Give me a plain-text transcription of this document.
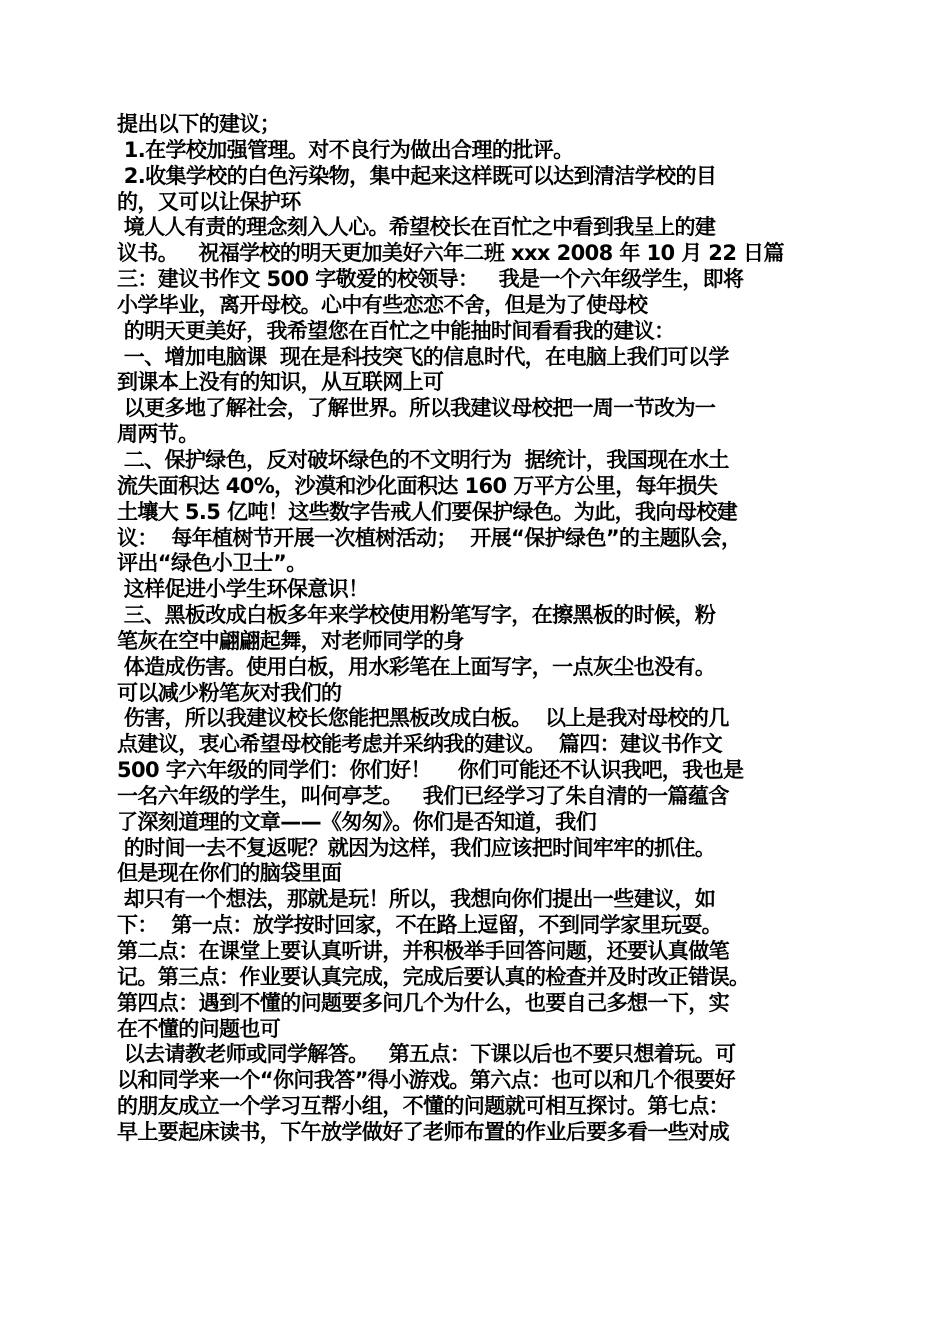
提出以下的建议；
1.在学校加强管理。对不良行为做出合理的批评。
2.收集学校的白色污染物，集中起来这样既可以达到清洁学校的目
的，又可以让保护环
境人人有责的理念刻入人心。希望校长在百忙之中看到我呈上的建
议书。   祝福学校的明天更加美好六年二班 xxx 2008 年 10 月 22 日篇
三：建议书作文 500 字敬爱的校领导：   我是一个六年级学生，即将
小学毕业，离开母校。心中有些恋恋不舍，但是为了使母校
的明天更美好，我希望您在百忙之中能抽时间看看我的建议：
一、增加电脑课  现在是科技突飞的信息时代，在电脑上我们可以学
到课本上没有的知识，从互联网上可
以更多地了解社会，了解世界。所以我建议母校把一周一节改为一
周两节。
二、保护绿色，反对破坏绿色的不文明行为  据统计，我国现在水土
流失面积达 40%，沙漠和沙化面积达 160 万平方公里，每年损失
土壤大 5.5 亿吨！这些数字告戒人们要保护绿色。为此，我向母校建
议：  每年植树节开展一次植树活动；  开展“保护绿色”的主题队会，
评出“绿色小卫士”。
这样促进小学生环保意识！
三、黑板改成白板多年来学校使用粉笔写字，在擦黑板的时候，粉
笔灰在空中翩翩起舞，对老师同学的身
体造成伤害。使用白板，用水彩笔在上面写字，一点灰尘也没有。
可以减少粉笔灰对我们的
伤害，所以我建议校长您能把黑板改成白板。  以上是我对母校的几
点建议，衷心希望母校能考虑并采纳我的建议。  篇四：建议书作文
500 字六年级的同学们：你们好！    你们可能还不认识我吧，我也是
一名六年级的学生，叫何亭芝。   我们已经学习了朱自清的一篇蕴含
了深刻道理的文章——《匆匆》。你们是否知道，我们
的时间一去不复返呢？就因为这样，我们应该把时间牢牢的抓住。
但是现在你们的脑袋里面
却只有一个想法，那就是玩！所以，我想向你们提出一些建议，如
下：  第一点：放学按时回家，不在路上逗留，不到同学家里玩耍。
第二点：在课堂上要认真听讲，并积极举手回答问题，还要认真做笔
记。第三点：作业要认真完成，完成后要认真的检查并及时改正错误。
第四点：遇到不懂的问题要多问几个为什么，也要自己多想一下，实
在不懂的问题也可
以去请教老师或同学解答。   第五点：下课以后也不要只想着玩。可
以和同学来一个“你问我答”得小游戏。第六点：也可以和几个很要好
的朋友成立一个学习互帮小组，不懂的问题就可相互探讨。第七点：
早上要起床读书，下午放学做好了老师布置的作业后要多看一些对成
